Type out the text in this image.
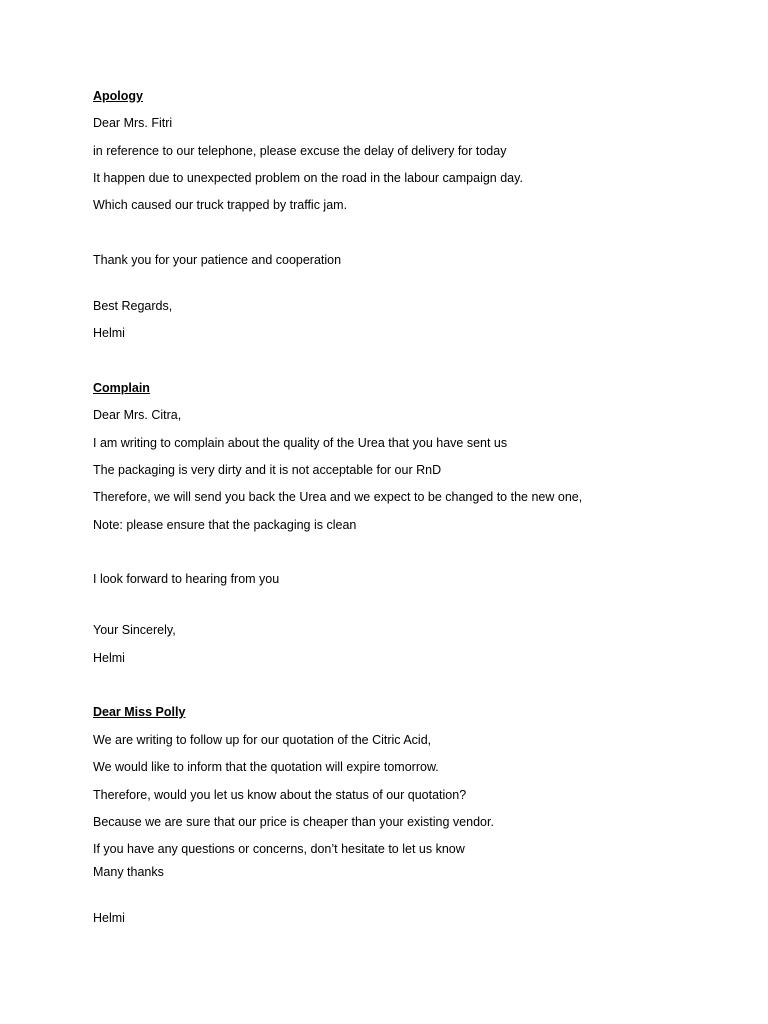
Apology
Dear Mrs. Fitri
in reference to our telephone, please excuse the delay of delivery for today
It happen due to unexpected problem on the road in the labour campaign day.
Which caused our truck trapped by traffic jam.
Thank you for your patience and cooperation
Best Regards,
Helmi
Complain
Dear Mrs. Citra,
I am writing to complain about the quality of the Urea that you have sent us
The packaging is very dirty and it is not acceptable for our RnD
Therefore, we will send you back the Urea and we expect to be changed to the new one,
Note: please ensure that the packaging is clean
I look forward to hearing from you
Your Sincerely,
Helmi
Dear Miss Polly
We are writing to follow up for our quotation of the Citric Acid,
We would like to inform that the quotation will expire tomorrow.
Therefore, would you let us know about the status of our quotation?
Because we are sure that our price is cheaper than your existing vendor.
If you have any questions or concerns, don’t hesitate to let us know
Many thanks
Helmi
